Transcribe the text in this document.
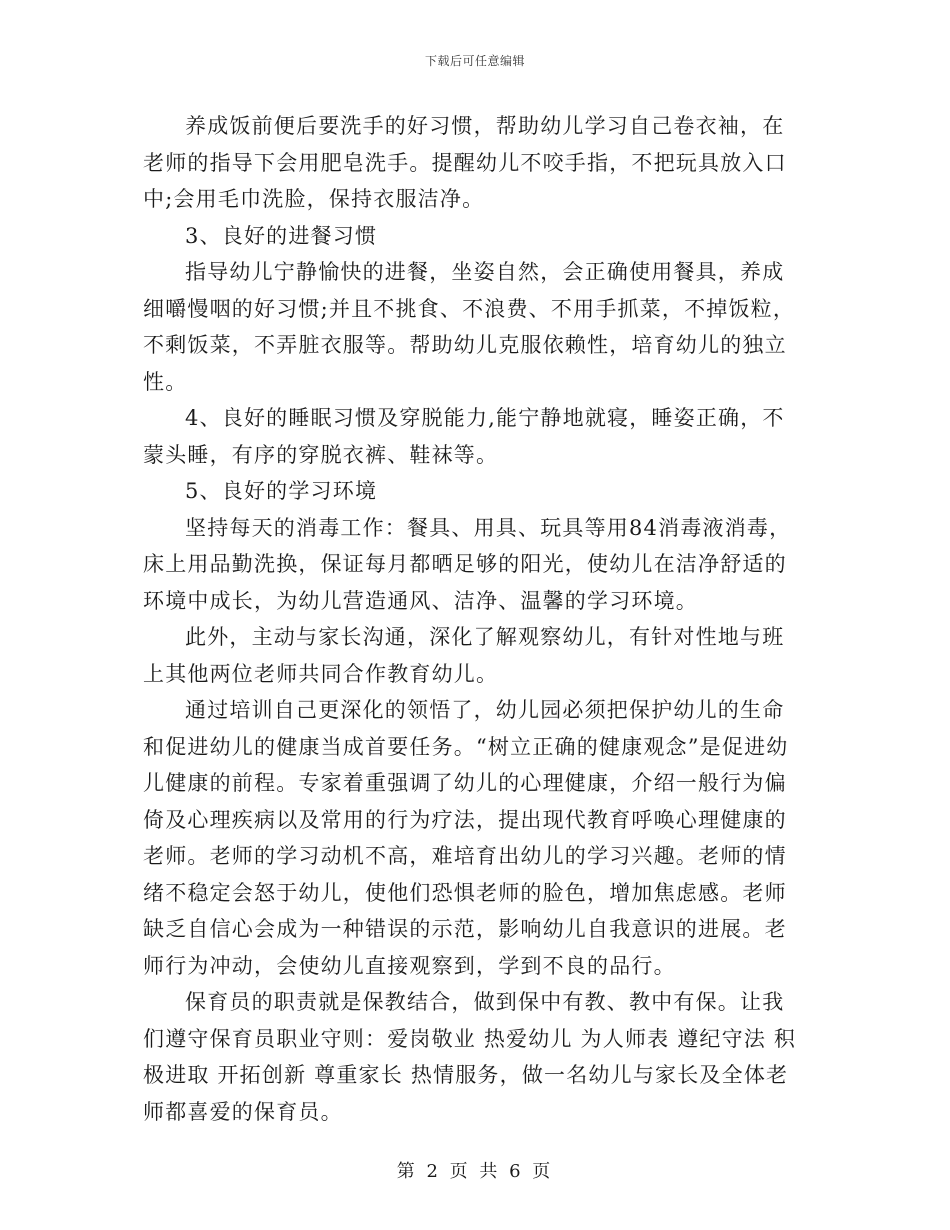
下载后可任意编辑

养成饭前便后要洗手的好习惯，帮助幼儿学习自己卷衣袖，在老师的指导下会用肥皂洗手。提醒幼儿不咬手指，不把玩具放入口中;会用毛巾洗脸，保持衣服洁净。

3、良好的进餐习惯

指导幼儿宁静愉快的进餐，坐姿自然，会正确使用餐具，养成细嚼慢咽的好习惯;并且不挑食、不浪费、不用手抓菜，不掉饭粒，不剩饭菜，不弄脏衣服等。帮助幼儿克服依赖性，培育幼儿的独立性。

4、良好的睡眠习惯及穿脱能力,能宁静地就寝，睡姿正确，不蒙头睡，有序的穿脱衣裤、鞋袜等。

5、良好的学习环境

坚持每天的消毒工作：餐具、用具、玩具等用84消毒液消毒，床上用品勤洗换，保证每月都晒足够的阳光，使幼儿在洁净舒适的环境中成长，为幼儿营造通风、洁净、温馨的学习环境。

此外，主动与家长沟通，深化了解观察幼儿，有针对性地与班上其他两位老师共同合作教育幼儿。

通过培训自己更深化的领悟了，幼儿园必须把保护幼儿的生命和促进幼儿的健康当成首要任务。“树立正确的健康观念”是促进幼儿健康的前程。专家着重强调了幼儿的心理健康，介绍一般行为偏倚及心理疾病以及常用的行为疗法，提出现代教育呼唤心理健康的老师。老师的学习动机不高，难培育出幼儿的学习兴趣。老师的情绪不稳定会怒于幼儿，使他们恐惧老师的脸色，增加焦虑感。老师缺乏自信心会成为一种错误的示范，影响幼儿自我意识的进展。老师行为冲动，会使幼儿直接观察到，学到不良的品行。

保育员的职责就是保教结合，做到保中有教、教中有保。让我们遵守保育员职业守则：爱岗敬业 热爱幼儿 为人师表 遵纪守法 积极进取 开拓创新 尊重家长 热情服务，做一名幼儿与家长及全体老师都喜爱的保育员。

第 2 页 共 6 页
